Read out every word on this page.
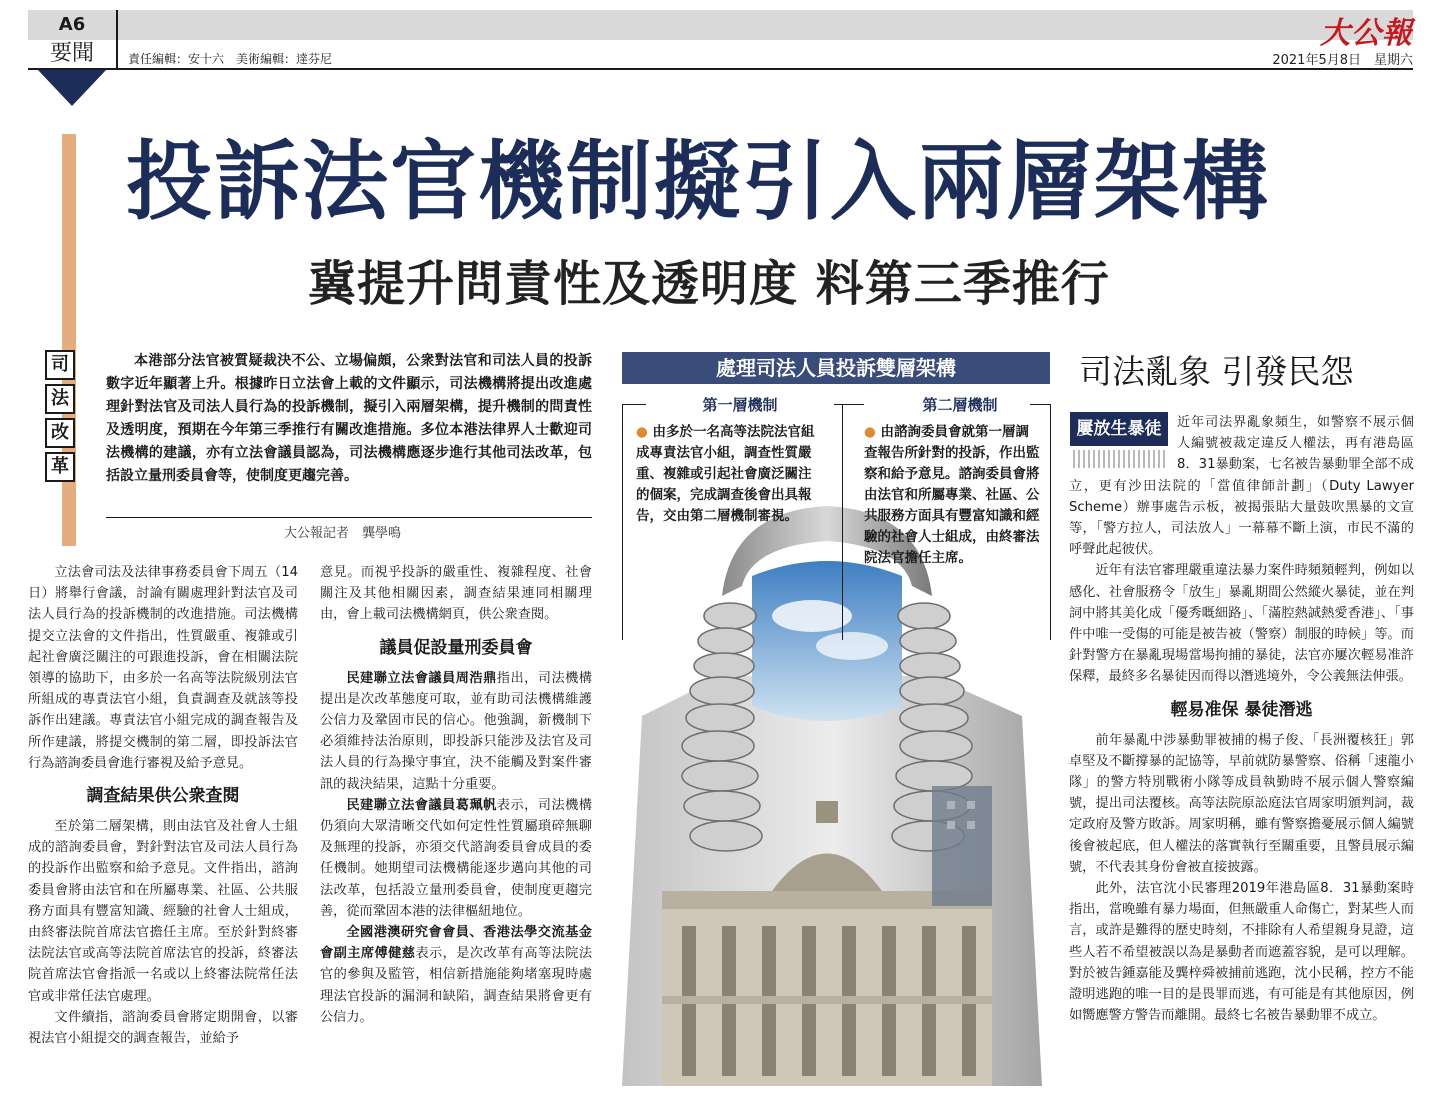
A6
要聞	責任編輯：安十六　美術編輯：達芬尼	2021年5月8日　星期六
大公報
投訴法官機制擬引入兩層架構
冀提升問責性及透明度 料第三季推行
司
法
改
革

本港部分法官被質疑裁決不公、立場偏頗，公衆對法官和司法人員的投訴數字近年顯著上升。根據昨日立法會上載的文件顯示，司法機構將提出改進處理針對法官及司法人員行為的投訴機制，擬引入兩層架構，提升機制的問責性及透明度，預期在今年第三季推行有關改進措施。多位本港法律界人士歡迎司法機構的建議，亦有立法會議員認為，司法機構應逐步進行其他司法改革，包括設立量刑委員會等，使制度更趨完善。

大公報記者　龔學鳴

立法會司法及法律事務委員會下周五（14日）將舉行會議，討論有關處理針對法官及司法人員行為的投訴機制的改進措施。司法機構提交立法會的文件指出，性質嚴重、複雜或引起社會廣泛關注的可跟進投訴，會在相關法院領導的協助下，由多於一名高等法院級別法官所組成的專責法官小組，負責調查及就該等投訴作出建議。專責法官小組完成的調查報告及所作建議，將提交機制的第二層，即投訴法官行為諮詢委員會進行審視及給予意見。

調查結果供公衆查閱

至於第二層架構，則由法官及社會人士組成的諮詢委員會，對針對法官及司法人員行為的投訴作出監察和給予意見。文件指出，諮詢委員會將由法官和在所屬專業、社區、公共服務方面具有豐富知識、經驗的社會人士組成，由終審法院首席法官擔任主席。至於針對終審法院法官或高等法院首席法官的投訴，終審法院首席法官會指派一名或以上終審法院常任法官或非常任法官處理。

文件續指，諮詢委員會將定期開會，以審視法官小組提交的調查報告，並給予

意見。而視乎投訴的嚴重性、複雜程度、社會關注及其他相關因素，調查結果連同相關理由，會上載司法機構網頁，供公衆查閱。

議員促設量刑委員會

民建聯立法會議員周浩鼎指出，司法機構提出是次改革態度可取，並有助司法機構維護公信力及鞏固市民的信心。他強調，新機制下必須維持法治原則，即投訴只能涉及法官及司法人員的行為操守事宜，決不能觸及對案件審訊的裁決結果，這點十分重要。

民建聯立法會議員葛珮帆表示，司法機構仍須向大眾清晰交代如何定性性質屬瑣碎無聊及無理的投訴，亦須交代諮詢委員會成員的委任機制。她期望司法機構能逐步邁向其他的司法改革，包括設立量刑委員會，使制度更趨完善，從而鞏固本港的法律樞紐地位。

全國港澳研究會會員、香港法學交流基金會副主席傅健慈表示，是次改革有高等法院法官的參與及監管，相信新措施能夠堵塞現時處理法官投訴的漏洞和缺陷，調查結果將會更有公信力。

處理司法人員投訴雙層架構
第一層機制	第二層機制
● 由多於一名高等法院法官組成專責法官小組，調查性質嚴重、複雜或引起社會廣泛關注的個案，完成調查後會出具報告，交由第二層機制審視。
● 由諮詢委員會就第一層調查報告所針對的投訴，作出監察和給予意見。諮詢委員會將由法官和所屬專業、社區、公共服務方面具有豐富知識和經驗的社會人士組成，由終審法院法官擔任主席。
司法亂象 引發民怨
屢放生暴徒	近年司法界亂象頻生，如警察不展示個人編號被裁定違反人權法，再有港島區8．31暴動案，七名被告暴動罪全部不成立，更有沙田法院的「當值律師計劃」（Duty Lawyer Scheme）辦事處告示板，被揭張貼大量鼓吹黑暴的文宣等，「警方拉人，司法放人」一幕幕不斷上演，市民不滿的呼聲此起彼伏。

近年有法官審理嚴重違法暴力案件時頻頻輕判，例如以感化、社會服務令「放生」暴亂期間公然縱火暴徒，並在判詞中將其美化成「優秀嘅細路」、「滿腔熱誠熱愛香港」、「事件中唯一受傷的可能是被告被（警察）制服的時候」等。而針對警方在暴亂現場當場拘捕的暴徒，法官亦屢次輕易准許保釋，最終多名暴徒因而得以潛逃境外，令公義無法伸張。

輕易准保 暴徒潛逃

前年暴亂中涉暴動罪被捕的楊子俊、「長洲覆核狂」郭卓堅及不斷撐暴的記協等，早前就防暴警察、俗稱「速龍小隊」的警方特別戰術小隊等成員執勤時不展示個人警察編號，提出司法覆核。高等法院原訟庭法官周家明頒判詞，裁定政府及警方敗訴。周家明稱，雖有警察擔憂展示個人編號後會被起底，但人權法的落實執行至關重要，且警員展示編號，不代表其身份會被直接披露。

此外，法官沈小民審理2019年港島區8．31暴動案時指出，當晚雖有暴力場面，但無嚴重人命傷亡，對某些人而言，或許是難得的歷史時刻，不排除有人希望親身見證，這些人若不希望被誤以為是暴動者而遮蓋容貌，是可以理解。對於被告鍾嘉能及龔梓舜被捕前逃跑，沈小民稱，控方不能證明逃跑的唯一目的是畏罪而逃，有可能是有其他原因，例如嚮應警方警告而離開。最終七名被告暴動罪不成立。
